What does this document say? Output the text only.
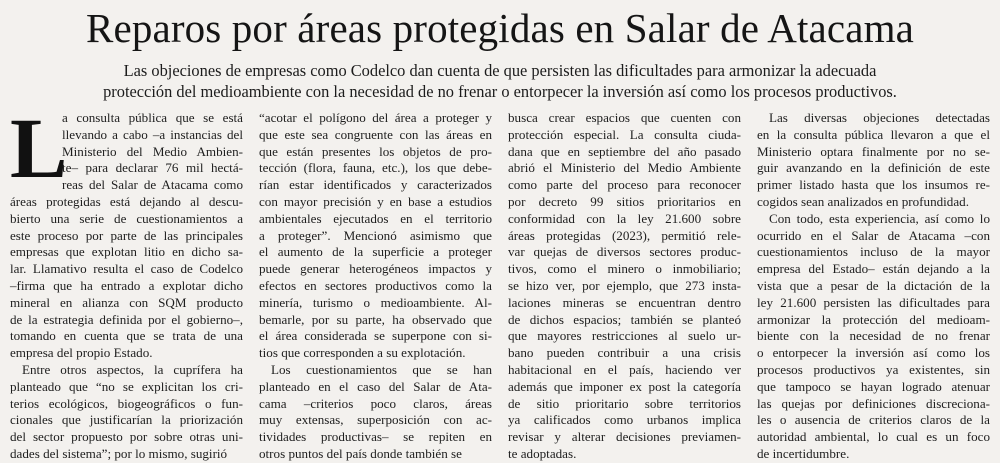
Reparos por áreas protegidas en Salar de Atacama
Las objeciones de empresas como Codelco dan cuenta de que persisten las dificultades para armonizar la adecuada
protección del medioambiente con la necesidad de no frenar o entorpecer la inversión así como los procesos productivos.
L
a consulta pública que se está
llevando a cabo –a instancias del
Ministerio del Medio Ambien-
te– para declarar 76 mil hectá-
reas del Salar de Atacama como
áreas protegidas está dejando al descu-
bierto una serie de cuestionamientos a
este proceso por parte de las principales
empresas que explotan litio en dicho sa-
lar. Llamativo resulta el caso de Codelco
–firma que ha entrado a explotar dicho
mineral en alianza con SQM producto
de la estrategia definida por el gobierno–,
tomando en cuenta que se trata de una
empresa del propio Estado.
Entre otros aspectos, la cuprífera ha
planteado que “no se explicitan los cri-
terios ecológicos, biogeográficos o fun-
cionales que justificarían la priorización
del sector propuesto por sobre otras uni-
dades del sistema”; por lo mismo, sugirió
“acotar el polígono del área a proteger y
que este sea congruente con las áreas en
que están presentes los objetos de pro-
tección (flora, fauna, etc.), los que debe-
rían estar identificados y caracterizados
con mayor precisión y en base a estudios
ambientales ejecutados en el territorio
a proteger”. Mencionó asimismo que
el aumento de la superficie a proteger
puede generar heterogéneos impactos y
efectos en sectores productivos como la
minería, turismo o medioambiente. Al-
bemarle, por su parte, ha observado que
el área considerada se superpone con si-
tios que corresponden a su explotación.
Los cuestionamientos que se han
planteado en el caso del Salar de Ata-
cama –criterios poco claros, áreas
muy extensas, superposición con ac-
tividades productivas– se repiten en
otros puntos del país donde también se
busca crear espacios que cuenten con
protección especial. La consulta ciuda-
dana que en septiembre del año pasado
abrió el Ministerio del Medio Ambiente
como parte del proceso para reconocer
por decreto 99 sitios prioritarios en
conformidad con la ley 21.600 sobre
áreas protegidas (2023), permitió rele-
var quejas de diversos sectores produc-
tivos, como el minero o inmobiliario;
se hizo ver, por ejemplo, que 273 insta-
laciones mineras se encuentran dentro
de dichos espacios; también se planteó
que mayores restricciones al suelo ur-
bano pueden contribuir a una crisis
habitacional en el país, haciendo ver
además que imponer ex post la categoría
de sitio prioritario sobre territorios
ya calificados como urbanos implica
revisar y alterar decisiones previamen-
te adoptadas.
Las diversas objeciones detectadas
en la consulta pública llevaron a que el
Ministerio optara finalmente por no se-
guir avanzando en la definición de este
primer listado hasta que los insumos re-
cogidos sean analizados en profundidad.
Con todo, esta experiencia, así como lo
ocurrido en el Salar de Atacama –con
cuestionamientos incluso de la mayor
empresa del Estado– están dejando a la
vista que a pesar de la dictación de la
ley 21.600 persisten las dificultades para
armonizar la protección del medioam-
biente con la necesidad de no frenar
o entorpecer la inversión así como los
procesos productivos ya existentes, sin
que tampoco se hayan logrado atenuar
las quejas por definiciones discreciona-
les o ausencia de criterios claros de la
autoridad ambiental, lo cual es un foco
de incertidumbre.
